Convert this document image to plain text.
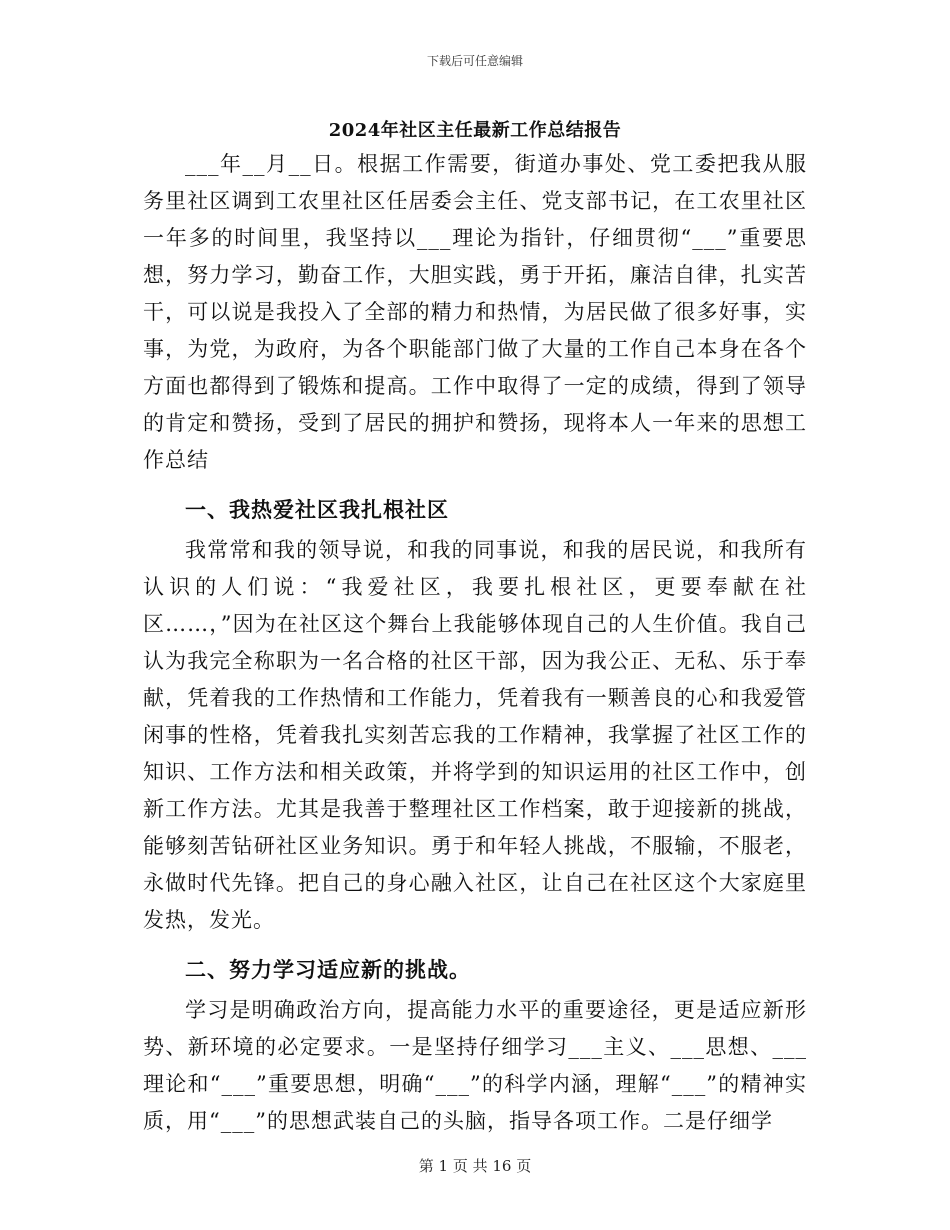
下载后可任意编辑
2024年社区主任最新工作总结报告

___年__月__日。根据工作需要，街道办事处、党工委把我从服务里社区调到工农里社区任居委会主任、党支部书记，在工农里社区一年多的时间里，我坚持以___理论为指针，仔细贯彻“___”重要思想，努力学习，勤奋工作，大胆实践，勇于开拓，廉洁自律，扎实苦干，可以说是我投入了全部的精力和热情，为居民做了很多好事，实事，为党，为政府，为各个职能部门做了大量的工作自己本身在各个方面也都得到了锻炼和提高。工作中取得了一定的成绩，得到了领导的肯定和赞扬，受到了居民的拥护和赞扬，现将本人一年来的思想工作总结

一、我热爱社区我扎根社区

我常常和我的领导说，和我的同事说，和我的居民说，和我所有认识的人们说：“我爱社区，我要扎根社区，更要奉献在社区……，”因为在社区这个舞台上我能够体现自己的人生价值。我自己认为我完全称职为一名合格的社区干部，因为我公正、无私、乐于奉献，凭着我的工作热情和工作能力，凭着我有一颗善良的心和我爱管闲事的性格，凭着我扎实刻苦忘我的工作精神，我掌握了社区工作的知识、工作方法和相关政策，并将学到的知识运用的社区工作中，创新工作方法。尤其是我善于整理社区工作档案，敢于迎接新的挑战，能够刻苦钻研社区业务知识。勇于和年轻人挑战，不服输，不服老，永做时代先锋。把自己的身心融入社区，让自己在社区这个大家庭里发热，发光。

二、努力学习适应新的挑战。

学习是明确政治方向，提高能力水平的重要途径，更是适应新形势、新环境的必定要求。一是坚持仔细学习___主义、___思想、___理论和“___”重要思想，明确“___”的科学内涵，理解“___”的精神实质，用“___”的思想武装自己的头脑，指导各项工作。二是仔细学

第 1 页 共 16 页
